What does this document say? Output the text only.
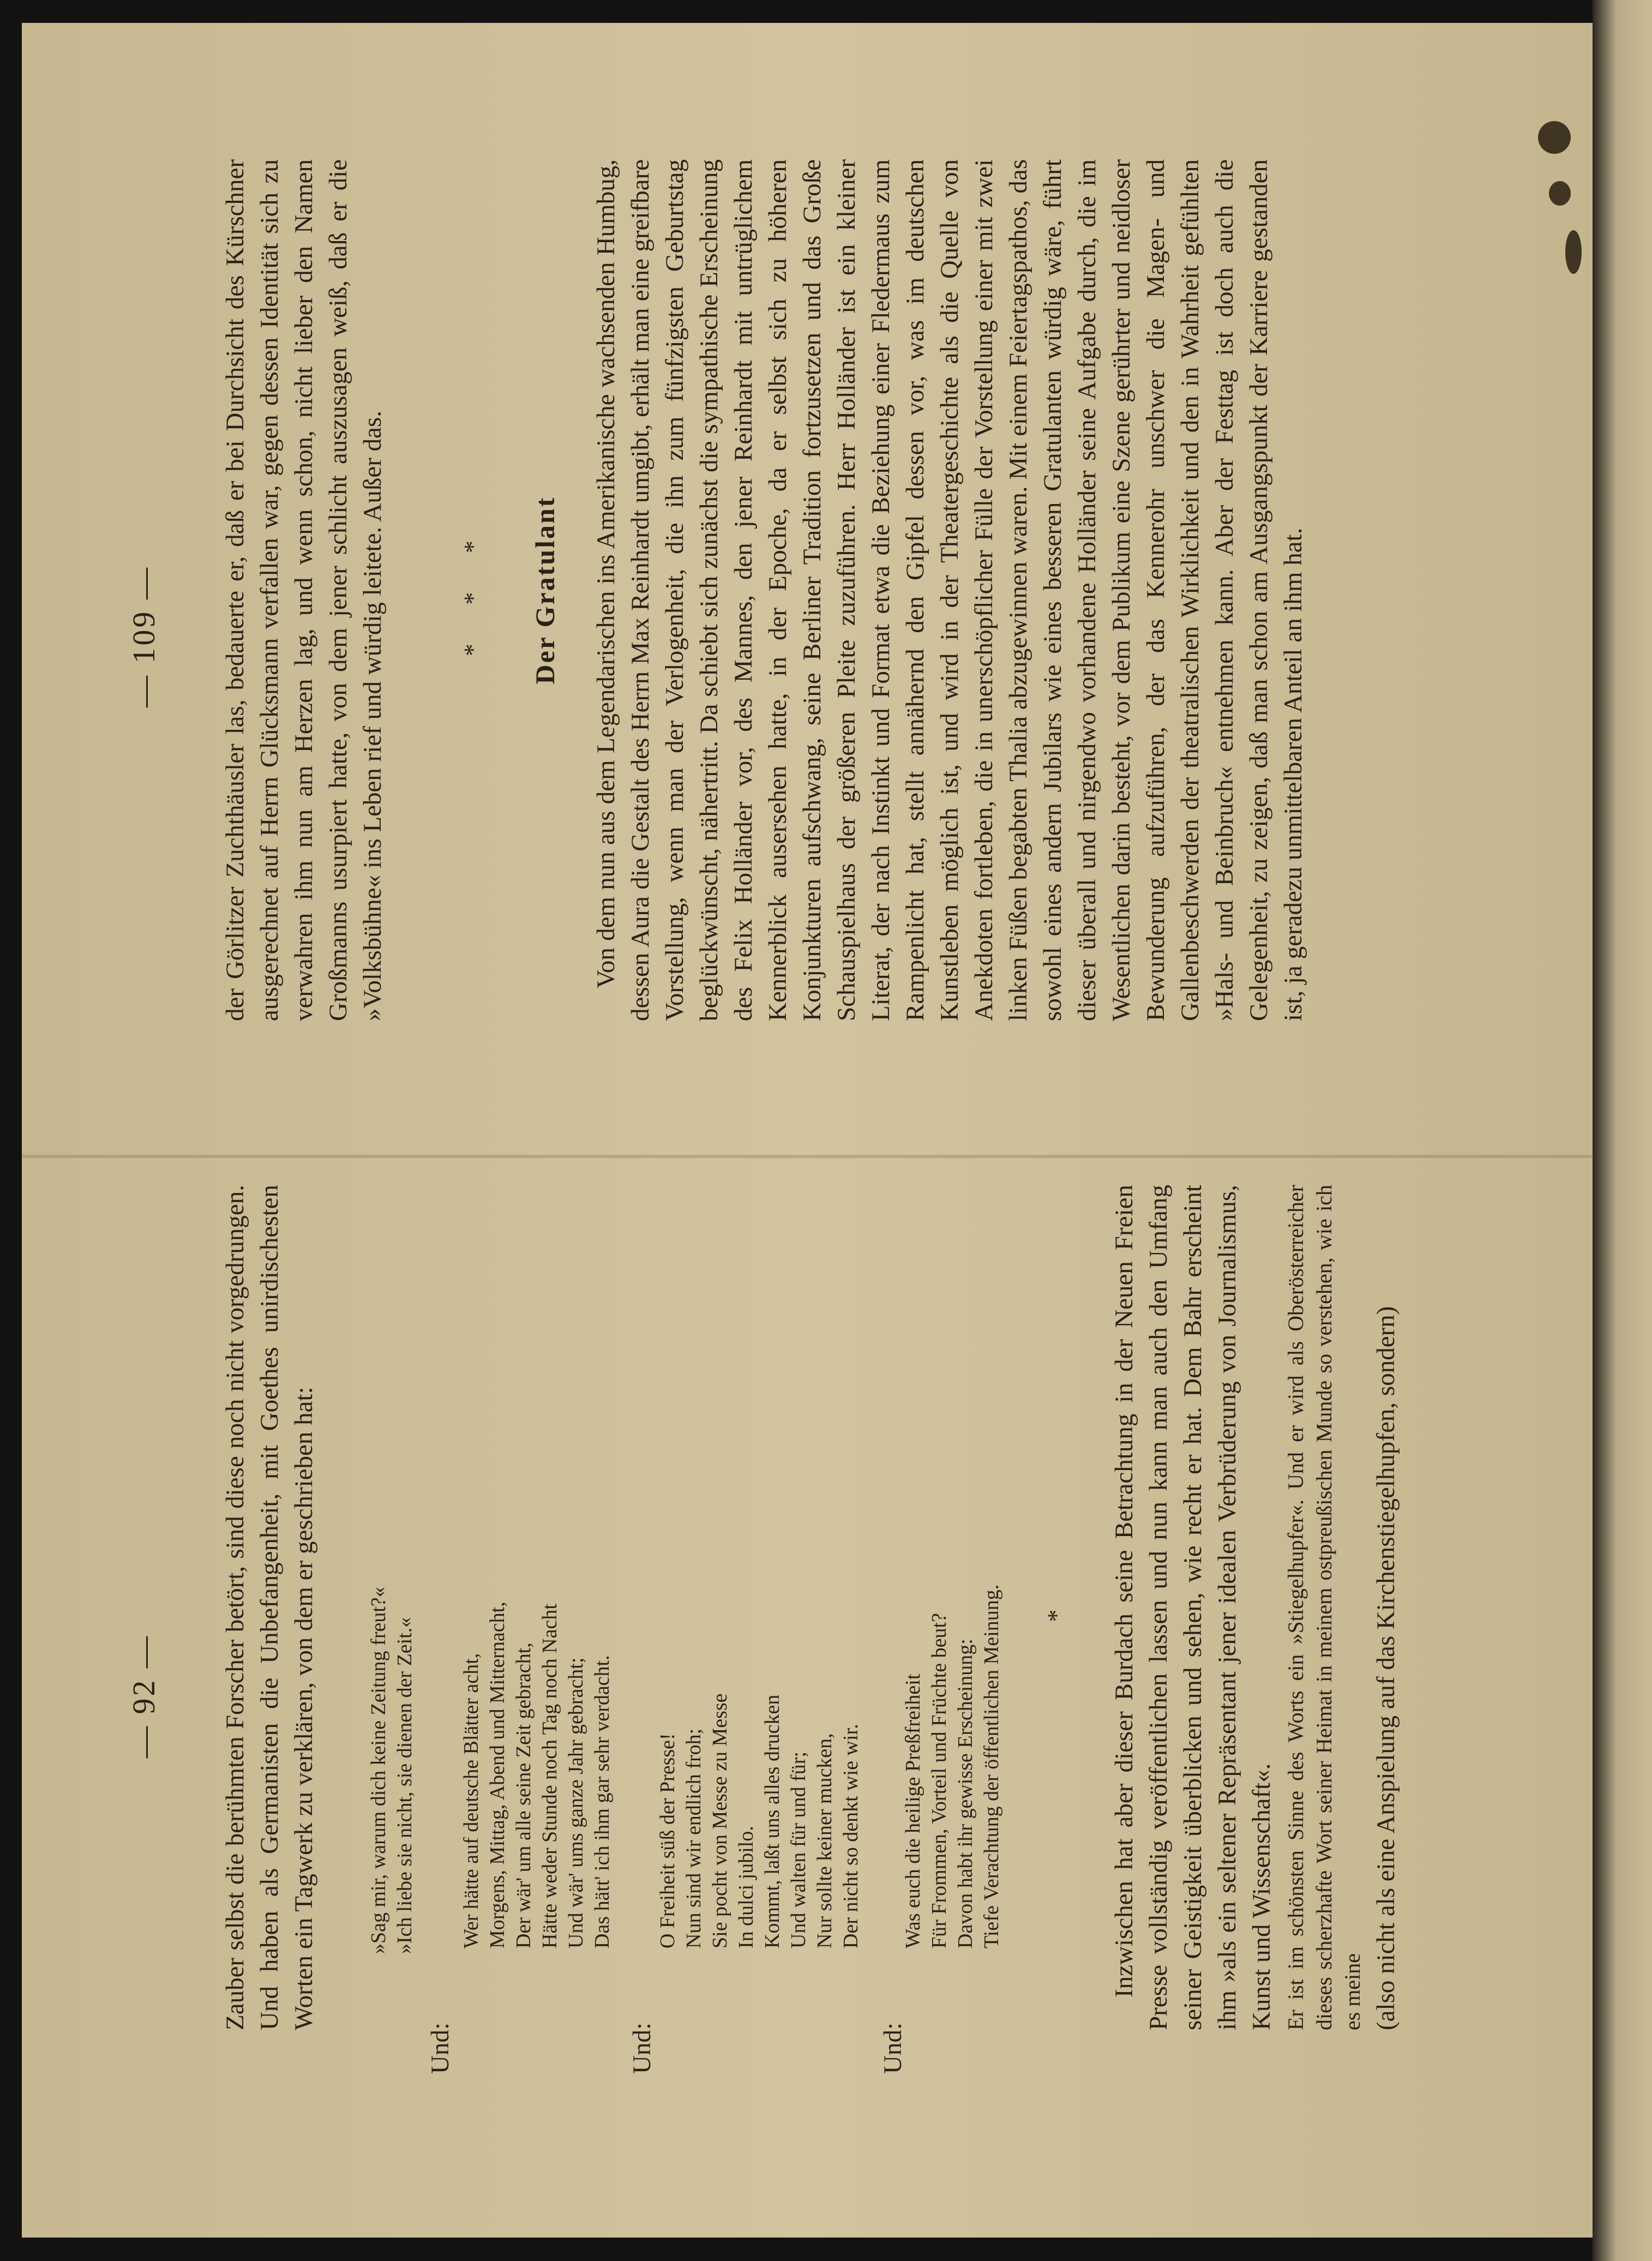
— 92 — Zauber selbst die berühmten Forscher betört, sind diese noch nicht vorgedrungen. Und haben als Germanisten die Unbefangenheit, mit Goethes unirdischesten Worten ein Tagwerk zu verklären, von dem er geschrieben hat: »Sag mir, warum dich keine Zeitung freut?« »Ich liebe sie nicht, sie dienen der Zeit.«

Und:

Wer hätte auf deutsche Blätter acht,
Morgens, Mittag, Abend und Mitternacht,
Der wär' um alle seine Zeit gebracht,
Hätte weder Stunde noch Tag noch Nacht
Und wär' ums ganze Jahr gebracht;
Das hätt' ich ihm gar sehr verdacht.

Und:

O Freiheit süß der Presse!
Nun sind wir endlich froh;
Sie pocht von Messe zu Messe
In dulci jubilo.
Kommt, laßt uns alles drucken
Und walten für und für;
Nur sollte keiner mucken,
Der nicht so denkt wie wir.

Und:

Was euch die heilige Preßfreiheit
Für Frommen, Vorteil und Früchte beut?
Davon habt ihr gewisse Erscheinung:
Tiefe Verachtung der öffentlichen Meinung. * Inzwischen hat aber dieser Burdach seine Betrachtung in der Neuen Freien Presse vollständig veröffentlichen lassen und nun kann man auch den Umfang seiner Geistigkeit überblicken und sehen, wie recht er hat. Dem Bahr erscheint ihm »als ein seltener Repräsentant jener idealen Verbrüderung von Journalismus, Kunst und Wissenschaft«. Er ist im schönsten Sinne des Worts ein »Stiegelhupfer«. Und er wird als Oberösterreicher dieses scherzhafte Wort seiner Heimat in meinem ostpreußischen Munde so verstehen, wie ich es meine (also nicht als eine Anspielung auf das Kirchenstiegelhupfen, sondern)

— 109 — der Görlitzer Zuchthäusler las, bedauerte er, daß er bei Durchsicht des Kürschner ausgerechnet auf Herrn Glücksmann verfallen war, gegen dessen Identität sich zu verwahren ihm nun am Herzen lag, und wenn schon, nicht lieber den Namen Großmanns usurpiert hatte, von dem jener schlicht auszusagen weiß, daß er die »Volksbühne« ins Leben rief und würdig leitete. Außer das.	* * * Der Gratulant Von dem nun aus dem Legendarischen ins Amerikanische wachsenden Humbug, dessen Aura die Gestalt des Herrn Max Reinhardt umgibt, erhält man eine greifbare Vorstellung, wenn man der Verlogenheit, die ihn zum fünfzigsten Geburtstag beglückwünscht, nähertritt. Da schiebt sich zunächst die sympathische Erscheinung des Felix Holländer vor, des Mannes, den jener Reinhardt mit untrüglichem Kennerblick ausersehen hatte, in der Epoche, da er selbst sich zu höheren Konjunkturen aufschwang, seine Berliner Tradition fortzusetzen und das Große Schauspielhaus der größeren Pleite zuzuführen. Herr Holländer ist ein kleiner Literat, der nach Instinkt und Format etwa die Beziehung einer Fledermaus zum Rampenlicht hat, stellt annähernd den Gipfel dessen vor, was im deutschen Kunstleben möglich ist, und wird in der Theatergeschichte als die Quelle von Anekdoten fortleben, die in unerschöpflicher Fülle der Vorstellung einer mit zwei linken Füßen begabten Thalia abzugewinnen waren. Mit einem Feiertagspathos, das sowohl eines andern Jubilars wie eines besseren Gratulanten würdig wäre, führt dieser überall und nirgendwo vorhandene Holländer seine Aufgabe durch, die im Wesentlichen darin besteht, vor dem Publikum eine Szene gerührter und neidloser Bewunderung aufzuführen, der das Kennerohr unschwer die Magen- und Gallenbeschwerden der theatralischen Wirklichkeit und den in Wahrheit gefühlten »Hals- und Beinbruch« entnehmen kann. Aber der Festtag ist doch auch die Gelegenheit, zu zeigen, daß man schon am Ausgangspunkt der Karriere gestanden ist, ja geradezu unmittelbaren Anteil an ihm hat.
